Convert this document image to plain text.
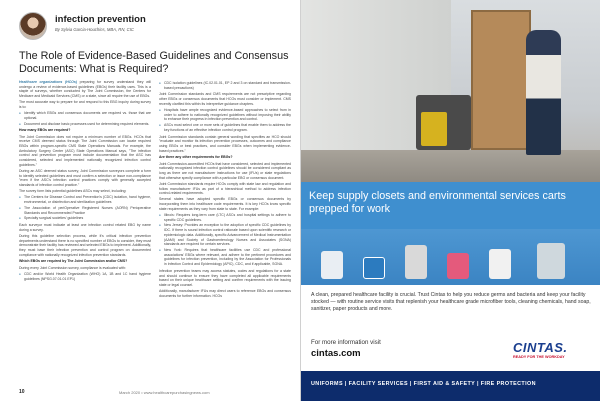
infection prevention
By Sylvia Garcia-Houchins, MBA, RN, CIC
The Role of Evidence-Based Guidelines and Consensus Documents: What is Required?

Healthcare organizations (HCOs) preparing for survey understand they will undergo a review of evidence-based guidelines (EBGs) their facility uses. This is a staple of surveys, whether conducted by The Joint Commission, the Centers for Medicare and Medicaid Services (CMS) or a state, since all require the use of EBGs.

The most accurate way to prepare for and respond to this EBG inquiry during survey is to:

● Identify which EBGs and consensus documents are required vs. those that are optional.
● Document and disclose basic processes used for determining required elements.

How many EBGs are required?

The Joint Commission does not require a minimum number of EBGs. HCOs that receive CMS deemed status through The Joint Commission can locate required EBGs within program-specific CMS State Operations Manuals. For example, the Ambulatory Surgery Center (ASC) State Operations Manual says, "The infection control and prevention program must include documentation that the ASC has considered, selected and implemented nationally recognized infection control guidelines."

During an ASC deemed status survey, Joint Commission surveyors complete a form to identify selected guidelines and must confirm a selection or issue non-compliance "even if the ASC's infection control practices comply with generally accepted standards of infection control practice."

The survey form lists potential guidelines ASCs may select, including:

● The Centers for Disease Control and Prevention's (CDC) isolation, hand hygiene, environmental, or disinfection and sterilization guidelines
● The Association of periOperative Registered Nurses (AORN) Perioperative Standards and Recommended Practice
● Specialty surgical societies' guidelines

Each surveyor must indicate at least one infection control related EBG by name during a survey.

During this guideline selection process, while it's critical infection prevention departments understand there is no specified number of EBGs to consider, they must demonstrate their facility has reviewed and selected EBGs to implement. Additionally, they must base their infection prevention and control program on documented compliance with nationally recognized infection prevention standards.

Which EBGs are required by The Joint Commission and/or CMS?

During every Joint Commission survey, compliance is evaluated with:

● CDC and/or World Health Organization (WHO) 1A, 1B and 1C hand hygiene guidelines (NPSG.07.01.01 EP1)
● CDC isolation guidelines (IC.02.01.01, EP 2 and 3 on standard and transmission-based precautions)

Joint Commission standards and CMS requirements are not prescriptive regarding other EBGs or consensus documents that HCOs must consider or implement. CMS recently clarified this within its interpretive guidance chapters.

● Hospitals have ample recognized evidence-based approaches to select from in order to adhere to nationally recognized guidelines without imposing their ability to enhance their progress in infection prevention and control.
● ASCs must select one or more sets of guidelines that enable them to address the key functions of an effective infection control program.

Joint Commission standards contain general wording that specifies an HCO should "evaluate and monitor its infection prevention processes, outcomes and compliance using EBGs or best practices, and consider EBGs when implementing evidence-based practices."

Are there any other requirements for EBGs?

Joint Commission-accredited HCOs that have considered, selected and implemented nationally recognized infection control guidelines should be considered compliant as long as there are not manufacturer instructions for use (IFUs) or state regulations that otherwise specify compliance with a particular EBG or consensus document.

Joint Commission standards require HCOs comply with state law and regulation and follow manufacturer IFUs as part of a hierarchical method to address infection control-related requirements.

Several states have adopted specific EBGs or consensus documents by incorporating them into healthcare code requirements. It is key HCOs know specific state requirements as they vary from state to state. For example:

● Illinois: Requires long-term care (LTC) ASCs and hospital settings to adhere to specific CDC guidelines.
● New Jersey: Provides an exception to the adoption of specific CDC guidelines by IDC. If there is sound infection control rationale based upon scientific research or epidemiologic data. Additionally, specific Advancement of Medical Instrumentation (AAMI) and Society of Gastroenterology Nurses and Associates (SGNA) standards are required for certain services.
● New York: Requires that healthcare facilities use CDC and professional associations' EBGs where relevant, and adhere to the pertinent procedures and guidelines for infection prevention, including by the Association for Professionals in Infection Control and Epidemiology (APIC), CDC, and if applicable, SGNA.

Infection prevention teams may access statutes, codes and regulations for a state and should continue to ensure they have completed all applicable requirements based on their unique healthcare setting and confirm requirements with the issuing state or legal counsel.

Additionally, manufacturer IFUs may direct users to reference EBGs and consensus documents for further information. HCOs

10	March 2020 • www.healthcarepurchasingnews.com
Keep supply closets and environmental services carts prepped for work
A clean, prepared healthcare facility is crucial. Trust Cintas to help you reduce germs and bacteria and keep your facility stocked — with routine service visits that replenish your healthcare grade microfiber tools, cleaning chemicals, hand soap, sanitizer, paper products and more.
For more information visit
cintas.com	CINTAS.
READY FOR THE WORKDAY
UNIFORMS | FACILITY SERVICES | FIRST AID & SAFETY | FIRE PROTECTION
